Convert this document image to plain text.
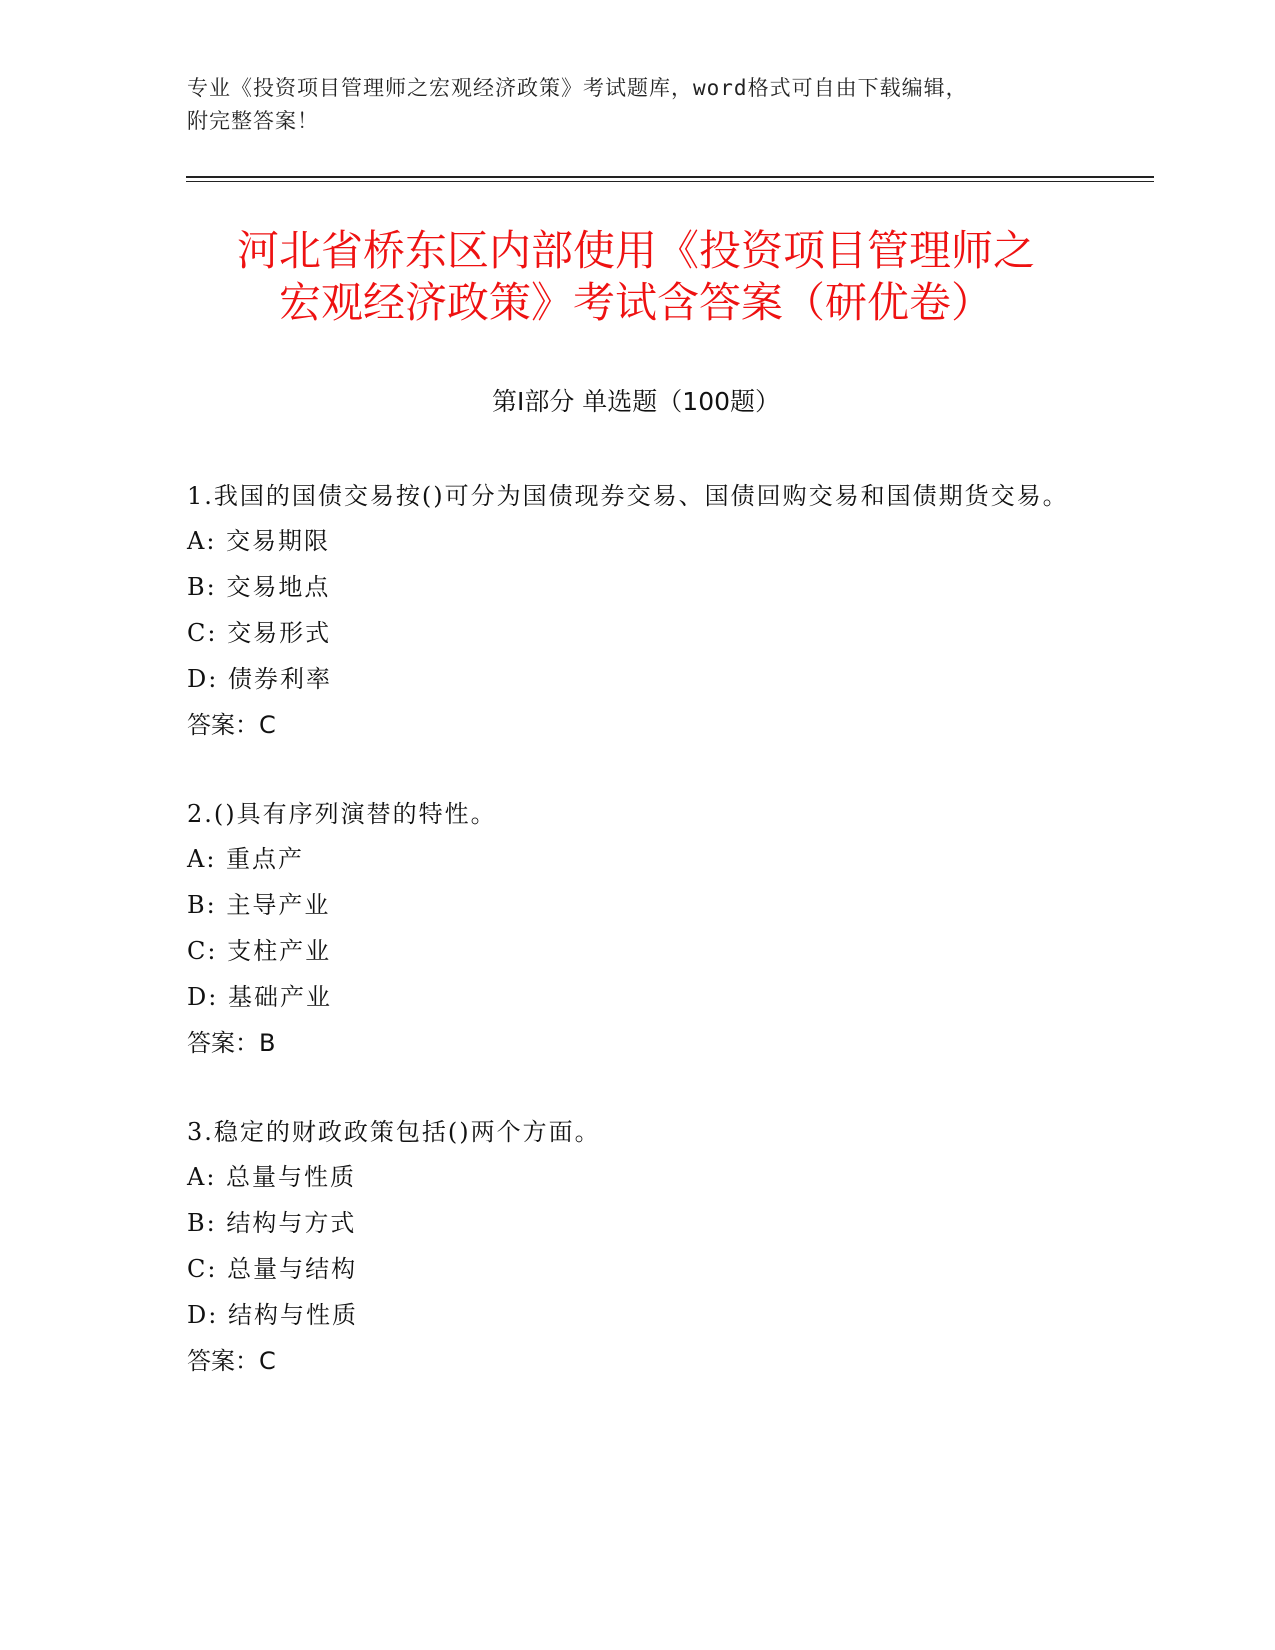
专业《投资项目管理师之宏观经济政策》考试题库，word格式可自由下载编辑，
附完整答案！
河北省桥东区内部使用《投资项目管理师之
宏观经济政策》考试含答案（研优卷）
第Ⅰ部分 单选题（100题）

1.我国的国债交易按()可分为国债现券交易、国债回购交易和国债期货交易。

A: 交易期限

B: 交易地点

C: 交易形式

D: 债券利率

答案：C

2.()具有序列演替的特性。

A: 重点产

B: 主导产业

C: 支柱产业

D: 基础产业

答案：B

3.稳定的财政政策包括()两个方面。

A: 总量与性质

B: 结构与方式

C: 总量与结构

D: 结构与性质

答案：C
